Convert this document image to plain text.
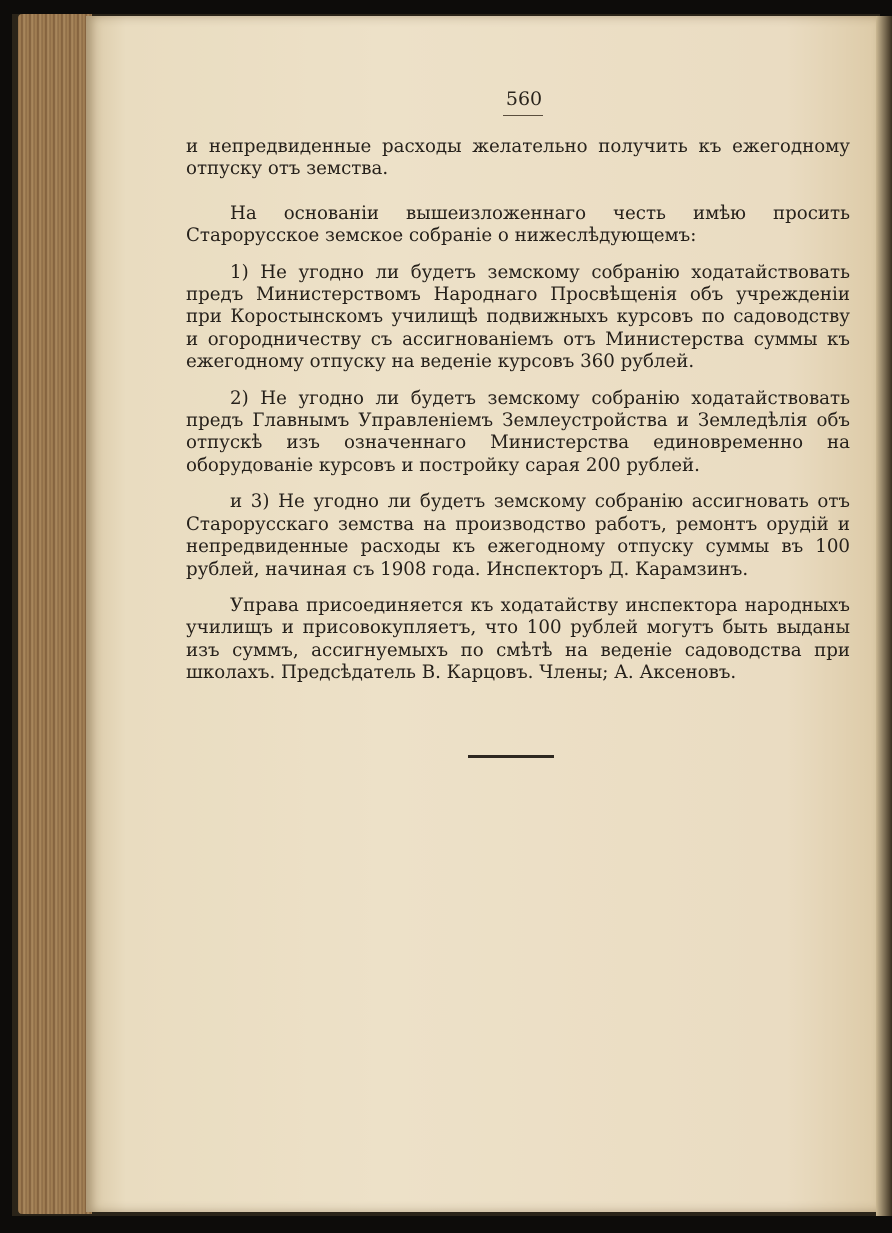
560

и непредвиденные расходы желательно получить къ ежегодному отпуску отъ земства.

На основаніи вышеизложеннаго честь имѣю просить Старорусское земское собраніе о нижеслѣдующемъ:

1) Не угодно ли будетъ земскому собранію ходатайствовать предъ Министерствомъ Народнаго Просвѣщенія объ учрежденіи при Коростынскомъ училищѣ подвижныхъ курсовъ по садоводству и огородничеству съ ассигнованіемъ отъ Министерства суммы къ ежегодному отпуску на веденіе курсовъ 360 рублей.

2) Не угодно ли будетъ земскому собранію ходатайствовать предъ Главнымъ Управленіемъ Землеустройства и Земледѣлія объ отпускѣ изъ означеннаго Министерства единовременно на оборудованіе курсовъ и постройку сарая 200 рублей.

и 3) Не угодно ли будетъ земскому собранію ассигновать отъ Старорусскаго земства на производство работъ, ремонтъ орудій и непредвиденные расходы къ ежегодному отпуску суммы въ 100 рублей, начиная съ 1908 года. Инспекторъ Д. Карамзинъ.

Управа присоединяется къ ходатайству инспектора народныхъ училищъ и присовокупляетъ, что 100 рублей могутъ быть выданы изъ суммъ, ассигнуемыхъ по смѣтѣ на веденіе садоводства при школахъ. Предсѣдатель В. Карцовъ. Члены; А. Аксеновъ.
